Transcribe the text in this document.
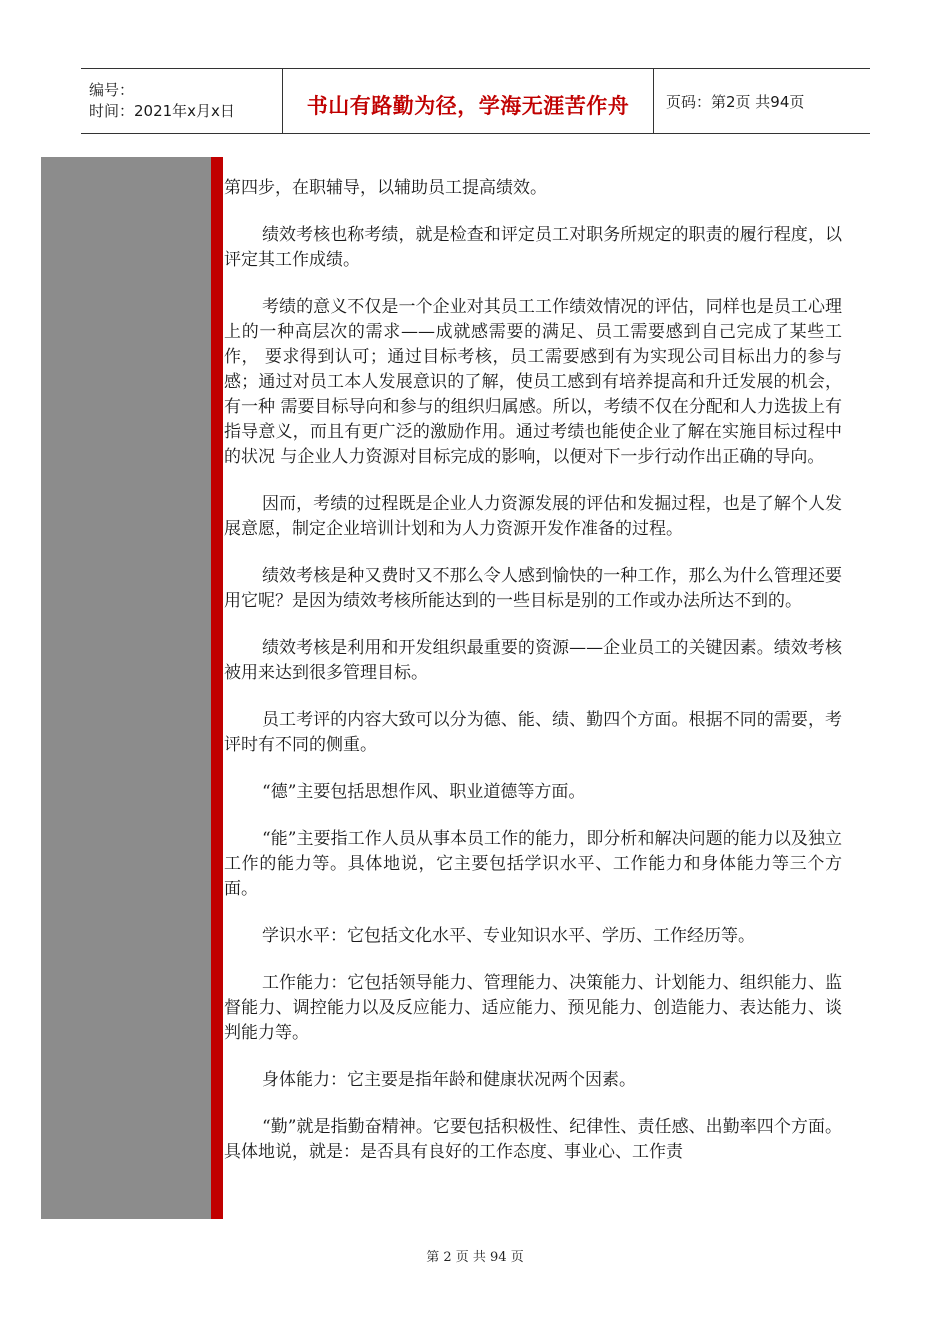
编号：
时间：2021年x月x日	书山有路勤为径，学海无涯苦作舟	页码：第2页 共94页

第四步，在职辅导，以辅助员工提高绩效。

绩效考核也称考绩，就是检查和评定员工对职务所规定的职责的履行程度，以评定其工作成绩。

考绩的意义不仅是一个企业对其员工工作绩效情况的评估，同样也是员工心理上的一种高层次的需求——成就感需要的满足、员工需要感到自己完成了某些工作， 要求得到认可；通过目标考核，员工需要感到有为实现公司目标出力的参与感；通过对员工本人发展意识的了解，使员工感到有培养提高和升迁发展的机会，有一种 需要目标导向和参与的组织归属感。所以，考绩不仅在分配和人力选拔上有指导意义，而且有更广泛的激励作用。通过考绩也能使企业了解在实施目标过程中的状况 与企业人力资源对目标完成的影响，以便对下一步行动作出正确的导向。

因而，考绩的过程既是企业人力资源发展的评估和发掘过程，也是了解个人发展意愿，制定企业培训计划和为人力资源开发作准备的过程。

绩效考核是种又费时又不那么令人感到愉快的一种工作，那么为什么管理还要用它呢？是因为绩效考核所能达到的一些目标是别的工作或办法所达不到的。

绩效考核是利用和开发组织最重要的资源——企业员工的关键因素。绩效考核被用来达到很多管理目标。

员工考评的内容大致可以分为德、能、绩、勤四个方面。根据不同的需要，考评时有不同的侧重。

“德”主要包括思想作风、职业道德等方面。

“能”主要指工作人员从事本员工作的能力，即分析和解决问题的能力以及独立工作的能力等。具体地说，它主要包括学识水平、工作能力和身体能力等三个方面。

学识水平：它包括文化水平、专业知识水平、学历、工作经历等。

工作能力：它包括领导能力、管理能力、决策能力、计划能力、组织能力、监督能力、调控能力以及反应能力、适应能力、预见能力、创造能力、表达能力、谈判能力等。

身体能力：它主要是指年龄和健康状况两个因素。

“勤”就是指勤奋精神。它要包括积极性、纪律性、责任感、出勤率四个方面。具体地说，就是：是否具有良好的工作态度、事业心、工作责

第 2 页 共 94 页
